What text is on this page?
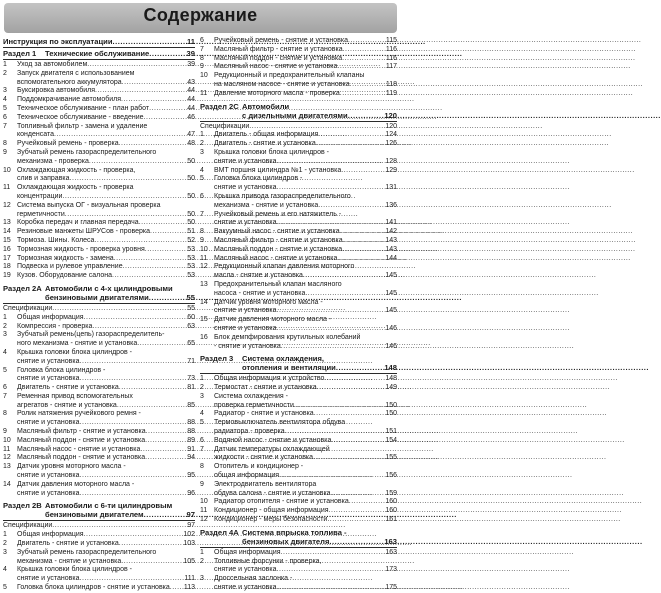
Содержание
Инструкция по эксплуатации .....	11
Раздел 1	Технические обслуживание .....	39
1	Уход за автомобилем .....	39
2	Запуск двигателя с использованием
вспомогательного аккумулятора .....	43
3	Буксировка автомобиля .....	44
4	Поддомкрачивание автомобиля .....	44
5	Техническое обслуживание - план работ .....	44
6	Техническое обслуживание - введение .....	46
7	Топливный фильтр - замена и удаление
конденсата .....	47
8	Ручейковый ремень - проверка .....	48
9	Зубчатый ремень газораспределительного
механизма - проверка .....	50
10 Охлаждающая жидкость - проверка,
слив и заправка .....	50
11 Охлаждающая жидкость - проверка
концентрации .....	50
12 Система выпуска ОГ - визуальная проверка
герметичности .....	50
13 Коробка передач и главная передача .....	50
14 Резиновые манжеты ШРУСов - проверка .....	51
15 Тормоза. Шины. Колеса .....	52
16 Тормозная жидкость - проверка уровня .....	53
17 Тормозная жидкость - замена .....	53
18 Подвеска и рулевое управление .....	53
19 Кузов. Оборудование салона .....	53
Раздел 2А Автомобили с 4-х цилиндровыми
бензиновыми двигателями .....	55
Спецификации .....	55
1	Общая информация .....	60
2	Компрессия - проверка .....	63
3	Зубчатый ремень(цепь) газораспределитель-
ного механизма - снятие и установка .....	65
4	Крышка головки блока цилиндров -
снятие и установка .....	71
5	Головка блока цилиндров -
снятие и установка .....	73
6	Двигатель - снятие и установка .....	81
7	Ременная привод вспомогательных
агрегатов - снятие и установка .....	85
8	Ролик натяжения ручейкового ремня -
снятие и установка .....	88
9	Масляный фильтр - снятие и установка .....	88
10 Масляный поддон - снятие и установка .....	89
11 Масляный насос - снятие и установка .....	91
12 Масляный поддон - снятие и установка .....	94
13 Датчик уровня моторного масла -
снятие и установка .....	95
14 Датчик давления моторного масла -
снятие и установка .....	96
Раздел 2В Автомобили с 6-ти цилиндровым
бензиновыми двигателем .....	97
Спецификации .....	97
1	Общая информация .....	102
2	Двигатель - снятие и установка .....	103
3	Зубчатый ремень газораспределительного
механизма - снятие и установка .....	105
4	Крышка головки блока цилиндров -
снятие и установка .....	111
5	Головка блока цилиндров - снятие и установка ..... 113
6	Ручейковый ремень - снятие и установка .....	115
7	Масляный фильтр - снятие и установка .....	116
8	Масляный поддон - снятие и установка .....	116
9	Масляный насос - снятие и установка .....	117
10 Редукционный и предохранительный клапаны
на масляном насосе - снятие и установка .....	118
11 Давление моторного масла - проверка .....	119
Раздел 2С Автомобили
с дизельными двигателями .....	120
Спецификации .....	120
1	Двигатель - общая информация .....	124
2	Двигатель - снятие и установка .....	126
3	Крышка головки блока цилиндров -
снятие и установка .....	128
4	ВМТ поршня цилиндра №1 - установка .....	129
5	Головка блока цилиндров -
снятие и установка .....	131
6	Крышка привода газораспределительного
механизма - снятие и установка .....	136
7	Ручейковый ремень и его натяжитель -
снятие и установка .....	141
8	Вакуумный насос - снятие и установка .....	142
9	Масляный фильтр - снятие и установка .....	143
10 Масляный поддон - снятие и установка .....	143
11 Масляный насос - снятие и установка .....	144
12 Редукционный клапан давления моторного
масла - снятие и установка .....	145
13 Предохранительный клапан масляного
насоса - снятие и установка .....	145
14 Датчик уровня моторного масла -
снятие и установка .....	145
15 Датчик давления моторного масла -
снятие и установка .....	146
16 Блок демпфирования крутильных колебаний
- снятие и установка .....	146
Раздел 3	Система охлаждения,
отопления и вентиляции .....	148
1	Общая информация и устройство .....	148
2	Термостат - снятие и установка .....	149
3	Система охлаждения -
проверка герметичности .....	150
4	Радиатор - снятие и установка .....	150
5	Термовыключатель вентилятора обдува
радиатора - проверка .....	151
6	Водяной насос - снятие и установка .....	154
7	Датчик температуры охлаждающей
жидкости - снятие и установка .....	155
8	Отопитель и кондиционер -
общая информация .....	156
9	Электродвигатель вентилятора
обдува салона - снятие и установка .....	159
10 Радиатор отопителя - снятие и установка .....	160
11 Кондиционер - общая информация .....	160
12 Кондиционер - меры безопасности .....	161
Раздел 4А Система впрыска топлива -
бензиновых двигателя .....	163
1	Общая информация .....	163
2	Топливные форсунки - проверка,
снятие и установка .....	173
3	Дроссельная заслонка -
снятие и установка .....	175
